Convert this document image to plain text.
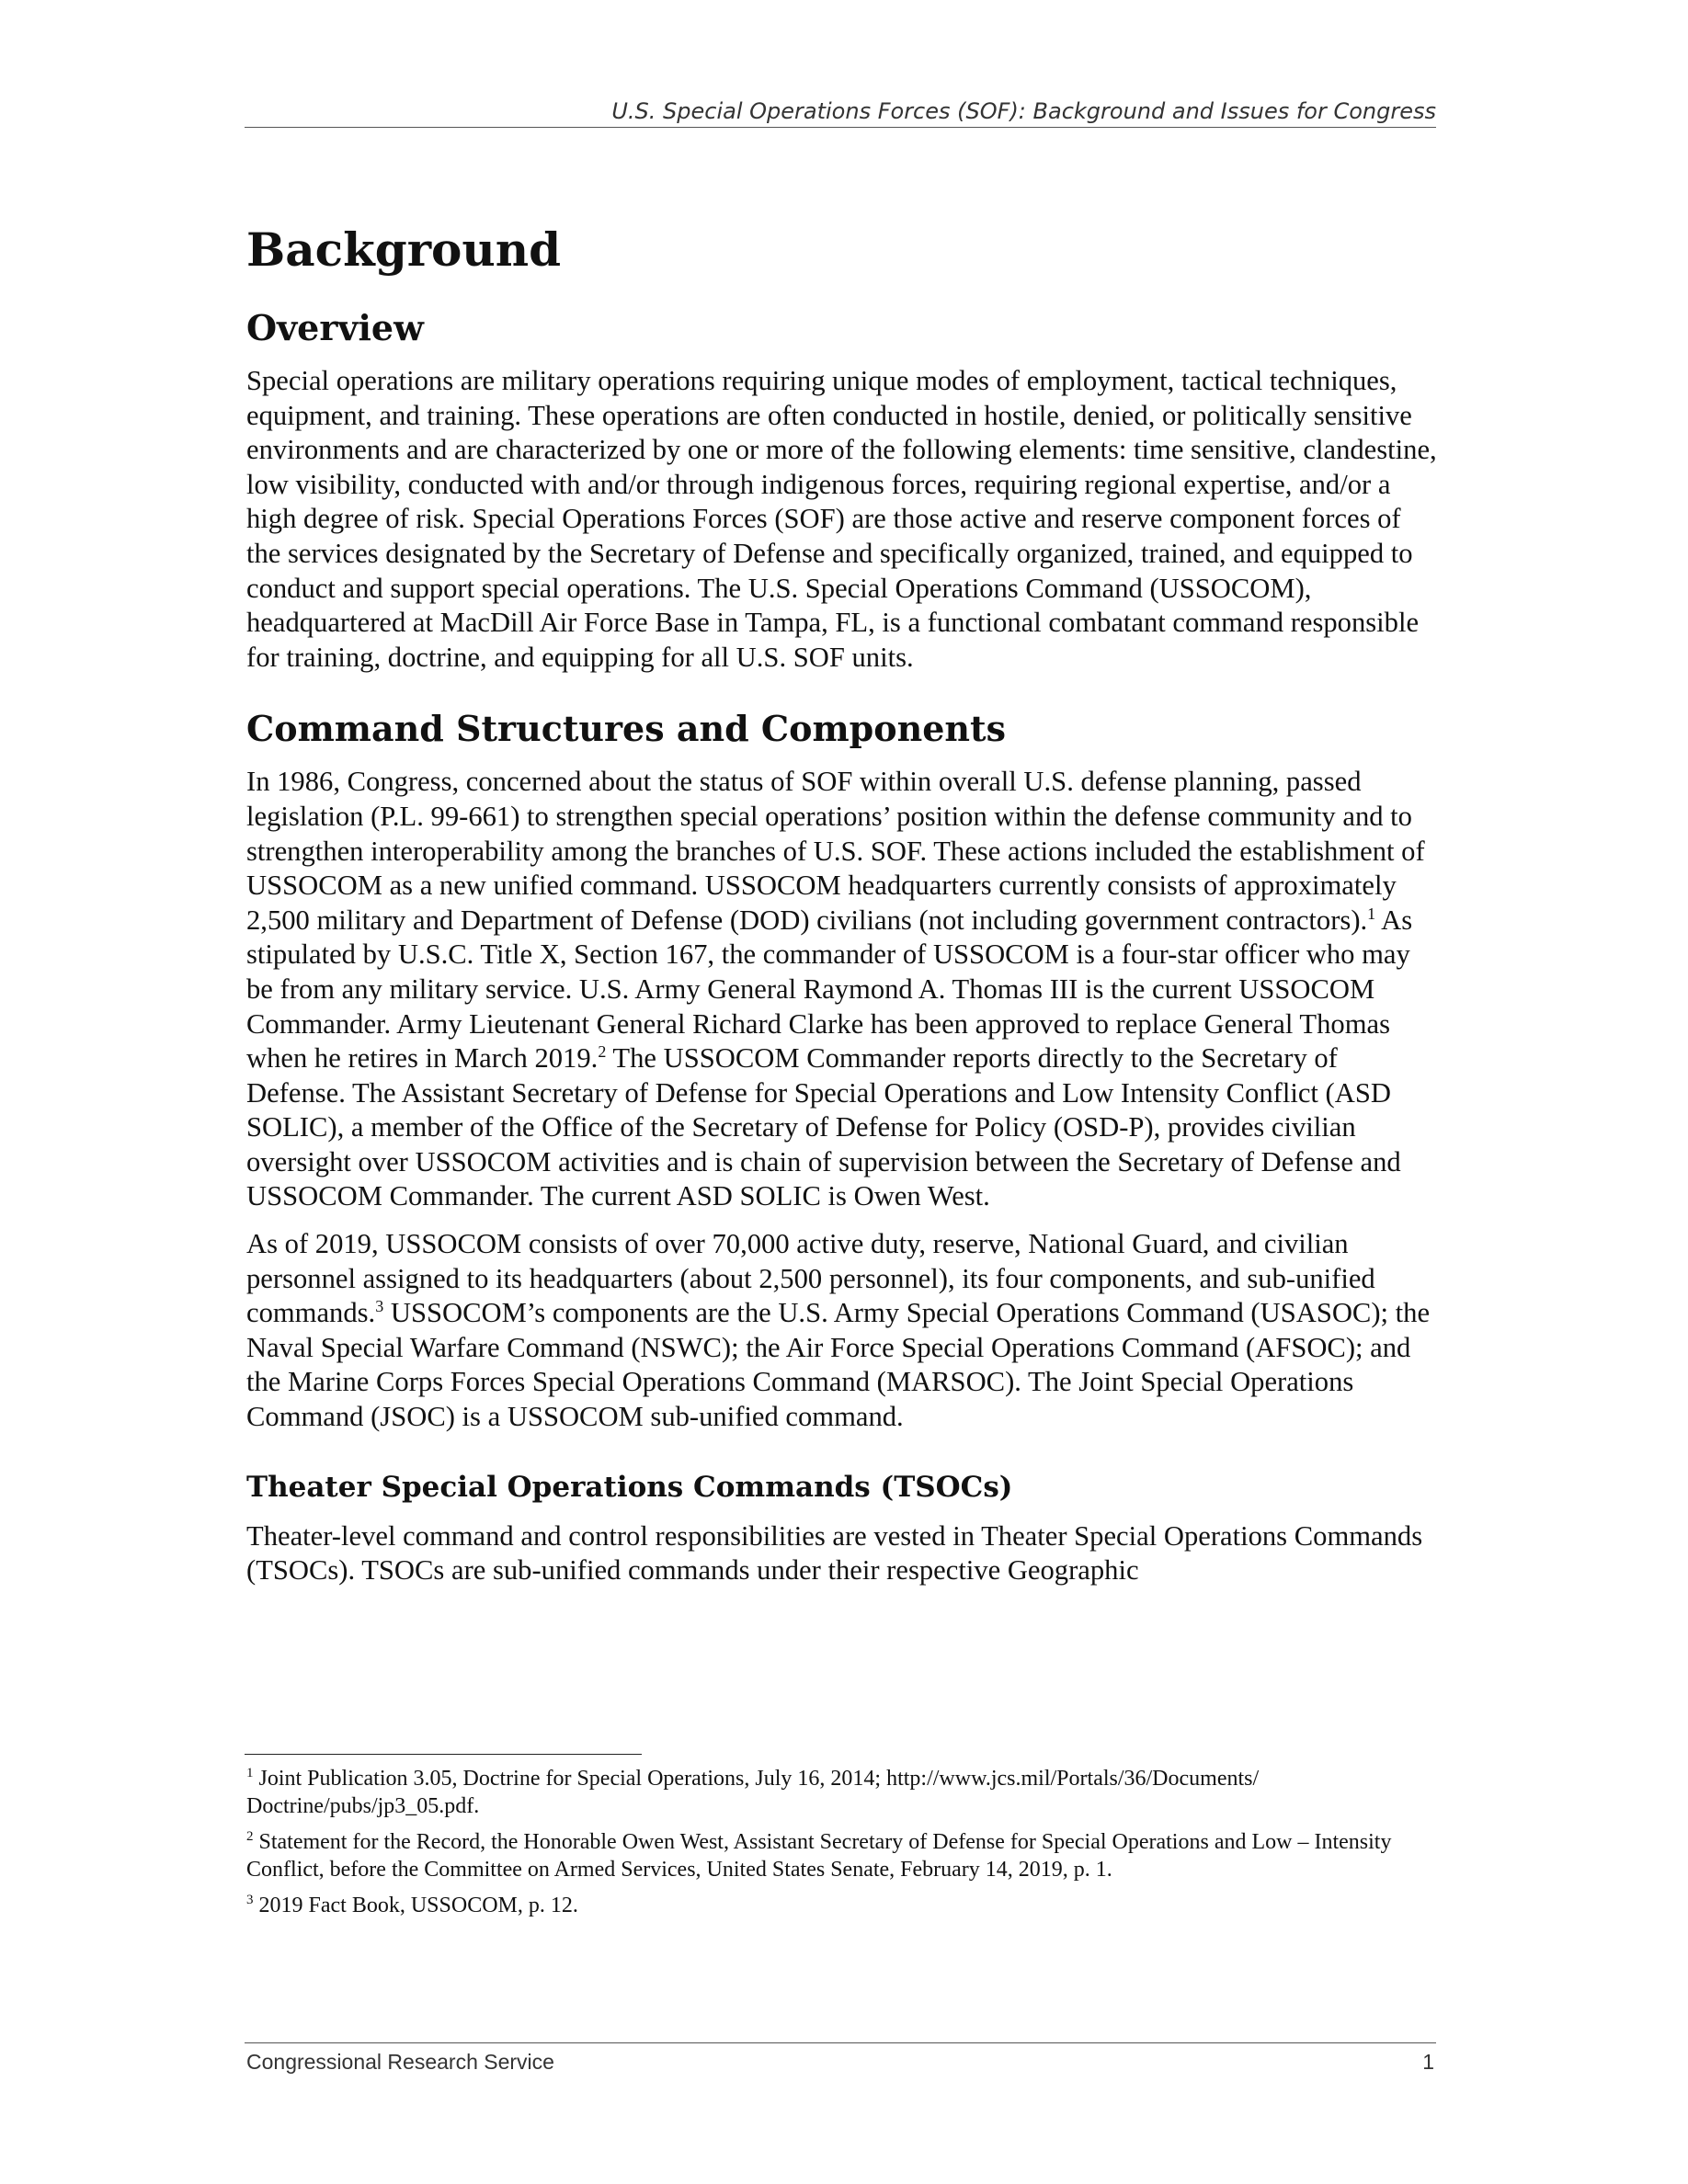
U.S. Special Operations Forces (SOF): Background and Issues for Congress
Background
Overview

Special operations are military operations requiring unique modes of employment, tactical techniques, equipment, and training. These operations are often conducted in hostile, denied, or politically sensitive environments and are characterized by one or more of the following elements: time sensitive, clandestine, low visibility, conducted with and/or through indigenous forces, requiring regional expertise, and/or a high degree of risk. Special Operations Forces (SOF) are those active and reserve component forces of the services designated by the Secretary of Defense and specifically organized, trained, and equipped to conduct and support special operations. The U.S. Special Operations Command (USSOCOM), headquartered at MacDill Air Force Base in Tampa, FL, is a functional combatant command responsible for training, doctrine, and equipping for all U.S. SOF units.

Command Structures and Components

In 1986, Congress, concerned about the status of SOF within overall U.S. defense planning, passed legislation (P.L. 99-661) to strengthen special operations’ position within the defense community and to strengthen interoperability among the branches of U.S. SOF. These actions included the establishment of USSOCOM as a new unified command. USSOCOM headquarters currently consists of approximately 2,500 military and Department of Defense (DOD) civilians (not including government contractors).$^1$ As stipulated by U.S.C. Title X, Section 167, the commander of USSOCOM is a four-star officer who may be from any military service. U.S. Army General Raymond A. Thomas III is the current USSOCOM Commander. Army Lieutenant General Richard Clarke has been approved to replace General Thomas when he retires in March 2019.$^2$ The USSOCOM Commander reports directly to the Secretary of Defense. The Assistant Secretary of Defense for Special Operations and Low Intensity Conflict (ASD SOLIC), a member of the Office of the Secretary of Defense for Policy (OSD-P), provides civilian oversight over USSOCOM activities and is chain of supervision between the Secretary of Defense and USSOCOM Commander. The current ASD SOLIC is Owen West.

As of 2019, USSOCOM consists of over 70,000 active duty, reserve, National Guard, and civilian personnel assigned to its headquarters (about 2,500 personnel), its four components, and sub-unified commands.$^3$ USSOCOM’s components are the U.S. Army Special Operations Command (USASOC); the Naval Special Warfare Command (NSWC); the Air Force Special Operations Command (AFSOC); and the Marine Corps Forces Special Operations Command (MARSOC). The Joint Special Operations Command (JSOC) is a USSOCOM sub-unified command.

Theater Special Operations Commands (TSOCs)

Theater-level command and control responsibilities are vested in Theater Special Operations Commands (TSOCs). TSOCs are sub-unified commands under their respective Geographic

$^1$ Joint Publication 3.05, Doctrine for Special Operations, July 16, 2014; http://www.jcs.mil/Portals/36/Documents/ Doctrine/pubs/jp3_05.pdf.

$^2$ Statement for the Record, the Honorable Owen West, Assistant Secretary of Defense for Special Operations and Low – Intensity Conflict, before the Committee on Armed Services, United States Senate, February 14, 2019, p. 1.

$^3$ 2019 Fact Book, USSOCOM, p. 12.

Congressional Research Service	1
